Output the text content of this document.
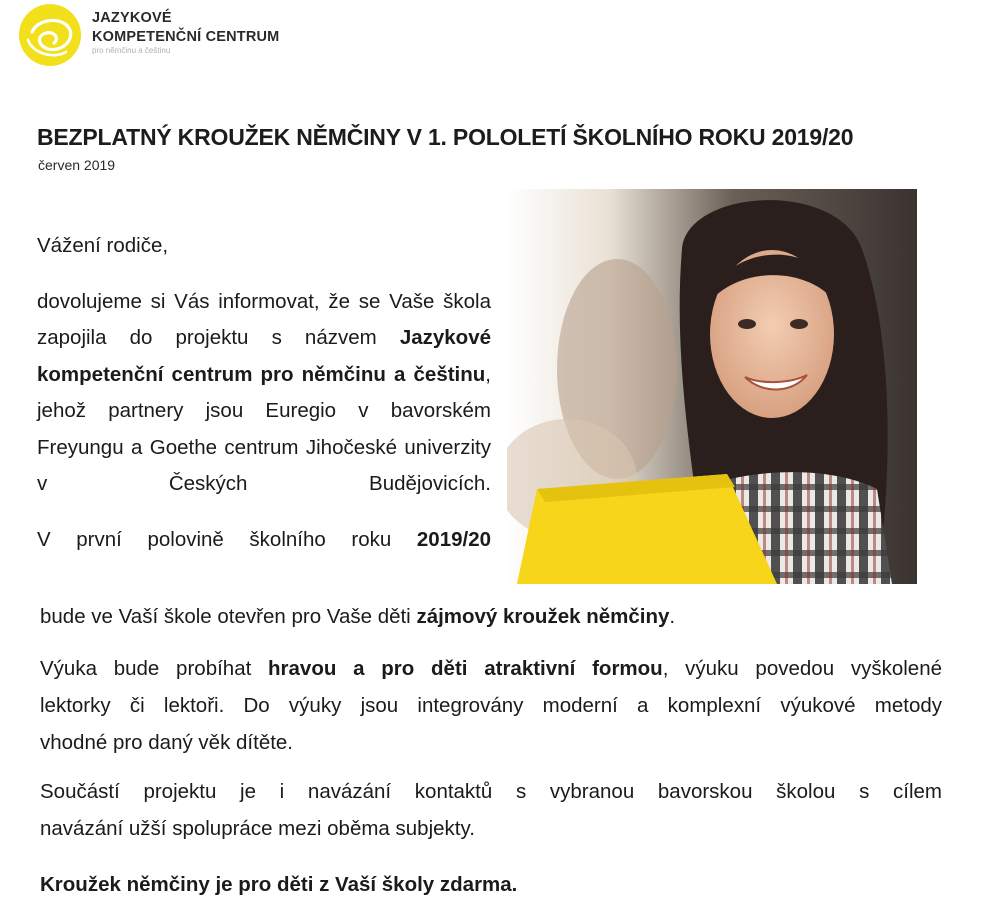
JAZYKOVÉ
KOMPETENČNÍ CENTRUM
pro němčinu a češtinu
BEZPLATNÝ KROUŽEK NĚMČINY V 1. POLOLETÍ ŠKOLNÍHO ROKU 2019/20
červen 2019

Vážení rodiče,

dovolujeme si Vás informovat, že se Vaše škola zapojila do projektu s názvem Jazykové kompetenční centrum pro němčinu a češtinu, jehož partnery jsou Euregio v bavorském Freyungu a Goethe centrum Jihočeské univerzity v Českých Budějovicích.

V první polovině školního roku 2019/20

bude ve Vaší škole otevřen pro Vaše děti zájmový kroužek němčiny.

Výuka bude probíhat hravou a pro děti atraktivní formou, výuku povedou vyškolené
lektorky či lektoři. Do výuky jsou integrovány moderní a komplexní výukové metody
vhodné pro daný věk dítěte.

Součástí projektu je i navázání kontaktů s vybranou bavorskou školou s cílem
navázání užší spolupráce mezi oběma subjekty.

Kroužek němčiny je pro děti z Vaší školy zdarma.
